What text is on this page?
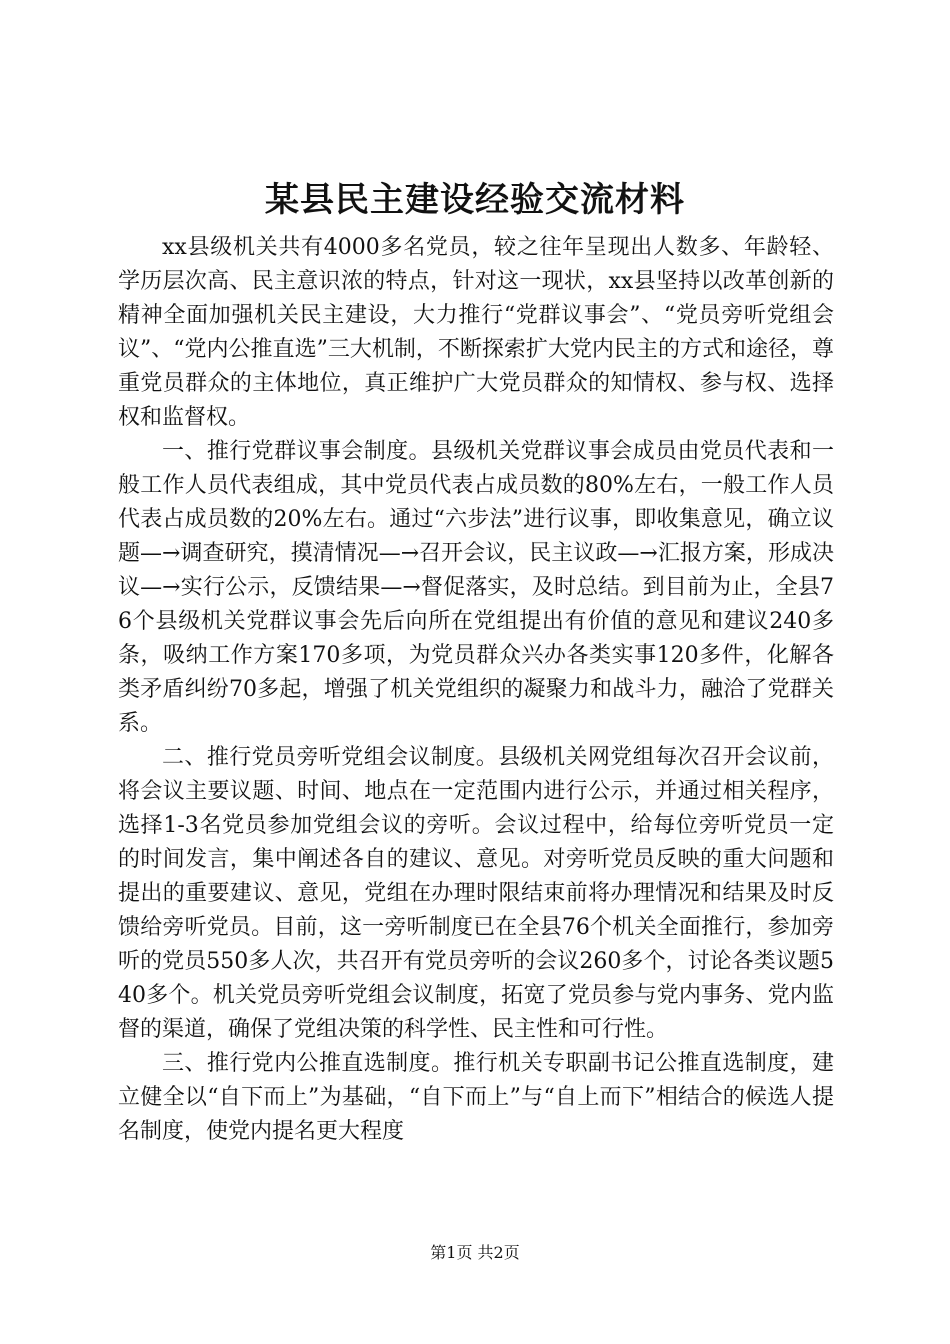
某县民主建设经验交流材料

xx县级机关共有4000多名党员，较之往年呈现出人数多、年龄轻、学历层次高、民主意识浓的特点，针对这一现状，xx县坚持以改革创新的精神全面加强机关民主建设，大力推行“党群议事会”、“党员旁听党组会议”、“党内公推直选”三大机制，不断探索扩大党内民主的方式和途径，尊重党员群众的主体地位，真正维护广大党员群众的知情权、参与权、选择权和监督权。

一、推行党群议事会制度。县级机关党群议事会成员由党员代表和一般工作人员代表组成，其中党员代表占成员数的80%左右，一般工作人员代表占成员数的20%左右。通过“六步法”进行议事，即收集意见，确立议题—→调查研究，摸清情况—→召开会议，民主议政—→汇报方案，形成决议—→实行公示，反馈结果—→督促落实，及时总结。到目前为止，全县76个县级机关党群议事会先后向所在党组提出有价值的意见和建议240多条，吸纳工作方案170多项，为党员群众兴办各类实事120多件，化解各类矛盾纠纷70多起，增强了机关党组织的凝聚力和战斗力，融洽了党群关系。

二、推行党员旁听党组会议制度。县级机关网党组每次召开会议前，将会议主要议题、时间、地点在一定范围内进行公示，并通过相关程序，选择1-3名党员参加党组会议的旁听。会议过程中，给每位旁听党员一定的时间发言，集中阐述各自的建议、意见。对旁听党员反映的重大问题和提出的重要建议、意见，党组在办理时限结束前将办理情况和结果及时反馈给旁听党员。目前，这一旁听制度已在全县76个机关全面推行，参加旁听的党员550多人次，共召开有党员旁听的会议260多个，讨论各类议题540多个。机关党员旁听党组会议制度，拓宽了党员参与党内事务、党内监督的渠道，确保了党组决策的科学性、民主性和可行性。

三、推行党内公推直选制度。推行机关专职副书记公推直选制度，建立健全以“自下而上”为基础，“自下而上”与“自上而下”相结合的候选人提名制度，使党内提名更大程度

第1页 共2页
